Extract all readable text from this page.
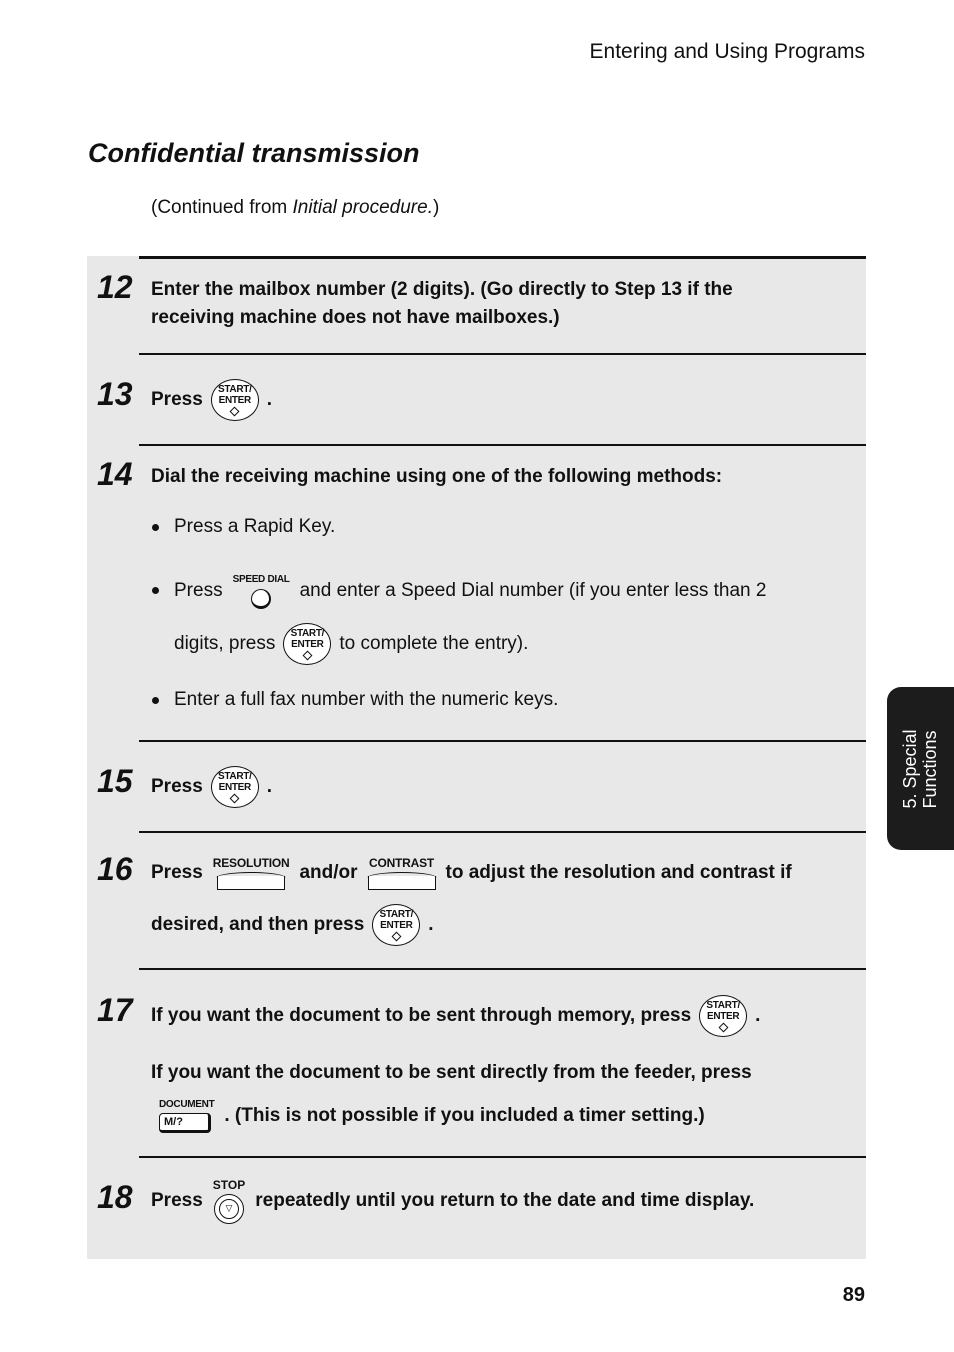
Entering and Using Programs
Confidential transmission
(Continued from Initial procedure.)
12 Enter the mailbox number (2 digits). (Go directly to Step 13 if the
receiving machine does not have mailboxes.)
13 Press START/
ENTER .
14 Dial the receiving machine using one of the following methods:
Press a Rapid Key.
Press
SPEED DIAL
and enter a Speed Dial number (if you enter less than 2
digits, press START/
ENTER to complete the entry).
Enter a full fax number with the numeric keys.
15 Press START/
ENTER .
16 Press RESOLUTION and/or CONTRAST to adjust the resolution and contrast if
desired, and then press START/
ENTER .
17 If you want the document to be sent through memory, press START/
ENTER .
If you want the document to be sent directly from the feeder, press
DOCUMENT
M/?	. (This is not possible if you included a timer setting.)
18 Press
STOP
▽	repeatedly until you return to the date and time display.
5. Special Functions
89
